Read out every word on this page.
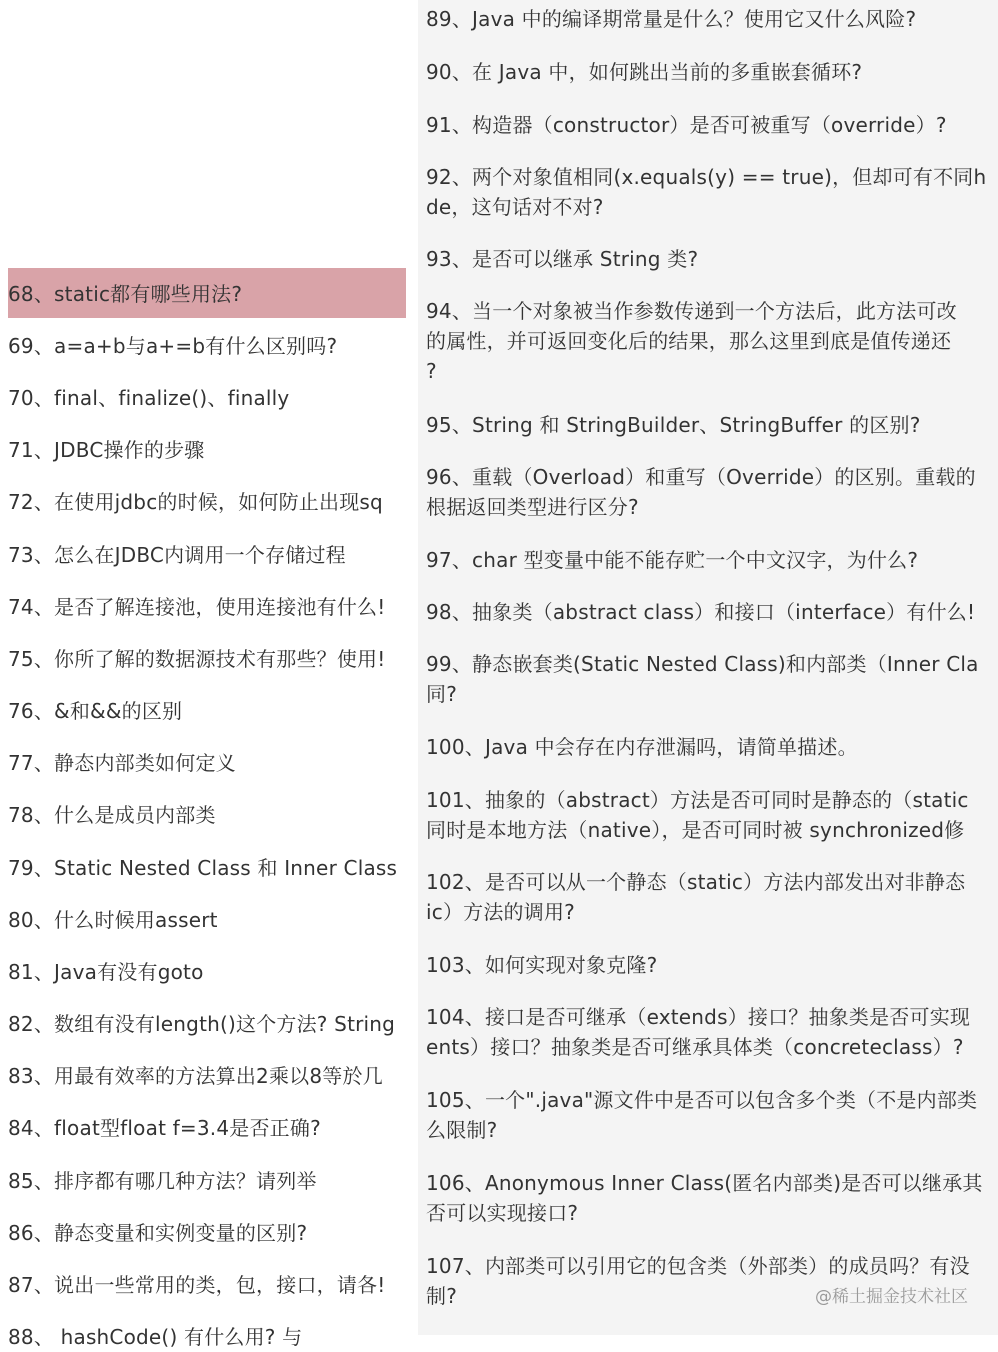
68、static都有哪些用法?
69、a=a+b与a+=b有什么区别吗?
70、final、finalize()、finally
71、JDBC操作的步骤
72、在使用jdbc的时候，如何防止出现sq
73、怎么在JDBC内调用一个存储过程
74、是否了解连接池，使用连接池有什么!
75、你所了解的数据源技术有那些？使用!
76、&和&&的区别
77、静态内部类如何定义
78、什么是成员内部类
79、Static Nested Class 和 Inner Class
80、什么时候用assert
81、Java有没有goto
82、数组有没有length()这个方法? String
83、用最有效率的方法算出2乘以8等於几
84、float型float f=3.4是否正确?
85、排序都有哪几种方法？请列举
86、静态变量和实例变量的区别?
87、说出一些常用的类，包，接口，请各!
88、 hashCode() 有什么用? 与
89、Java 中的编译期常量是什么？使用它又什么风险?
90、在 Java 中，如何跳出当前的多重嵌套循环?
91、构造器（constructor）是否可被重写（override）?
92、两个对象值相同(x.equals(y) == true)，但却可有不同h
de，这句话对不对?
93、是否可以继承 String 类?
94、当一个对象被当作参数传递到一个方法后，此方法可改
的属性，并可返回变化后的结果，那么这里到底是值传递还
?
95、String 和 StringBuilder、StringBuffer 的区别?
96、重载（Overload）和重写（Override）的区别。重载的
根据返回类型进行区分?
97、char 型变量中能不能存贮一个中文汉字，为什么?
98、抽象类（abstract class）和接口（interface）有什么!
99、静态嵌套类(Static Nested Class)和内部类（Inner Cla
同?
100、Java 中会存在内存泄漏吗，请简单描述。
101、抽象的（abstract）方法是否可同时是静态的（static
同时是本地方法（native），是否可同时被 synchronized修
102、是否可以从一个静态（static）方法内部发出对非静态
ic）方法的调用?
103、如何实现对象克隆?
104、接口是否可继承（extends）接口？抽象类是否可实现
ents）接口？抽象类是否可继承具体类（concreteclass）?
105、一个".java"源文件中是否可以包含多个类（不是内部类
么限制?
106、Anonymous Inner Class(匿名内部类)是否可以继承其
否可以实现接口?
107、内部类可以引用它的包含类（外部类）的成员吗？有没
制?	@稀土掘金技术社区
